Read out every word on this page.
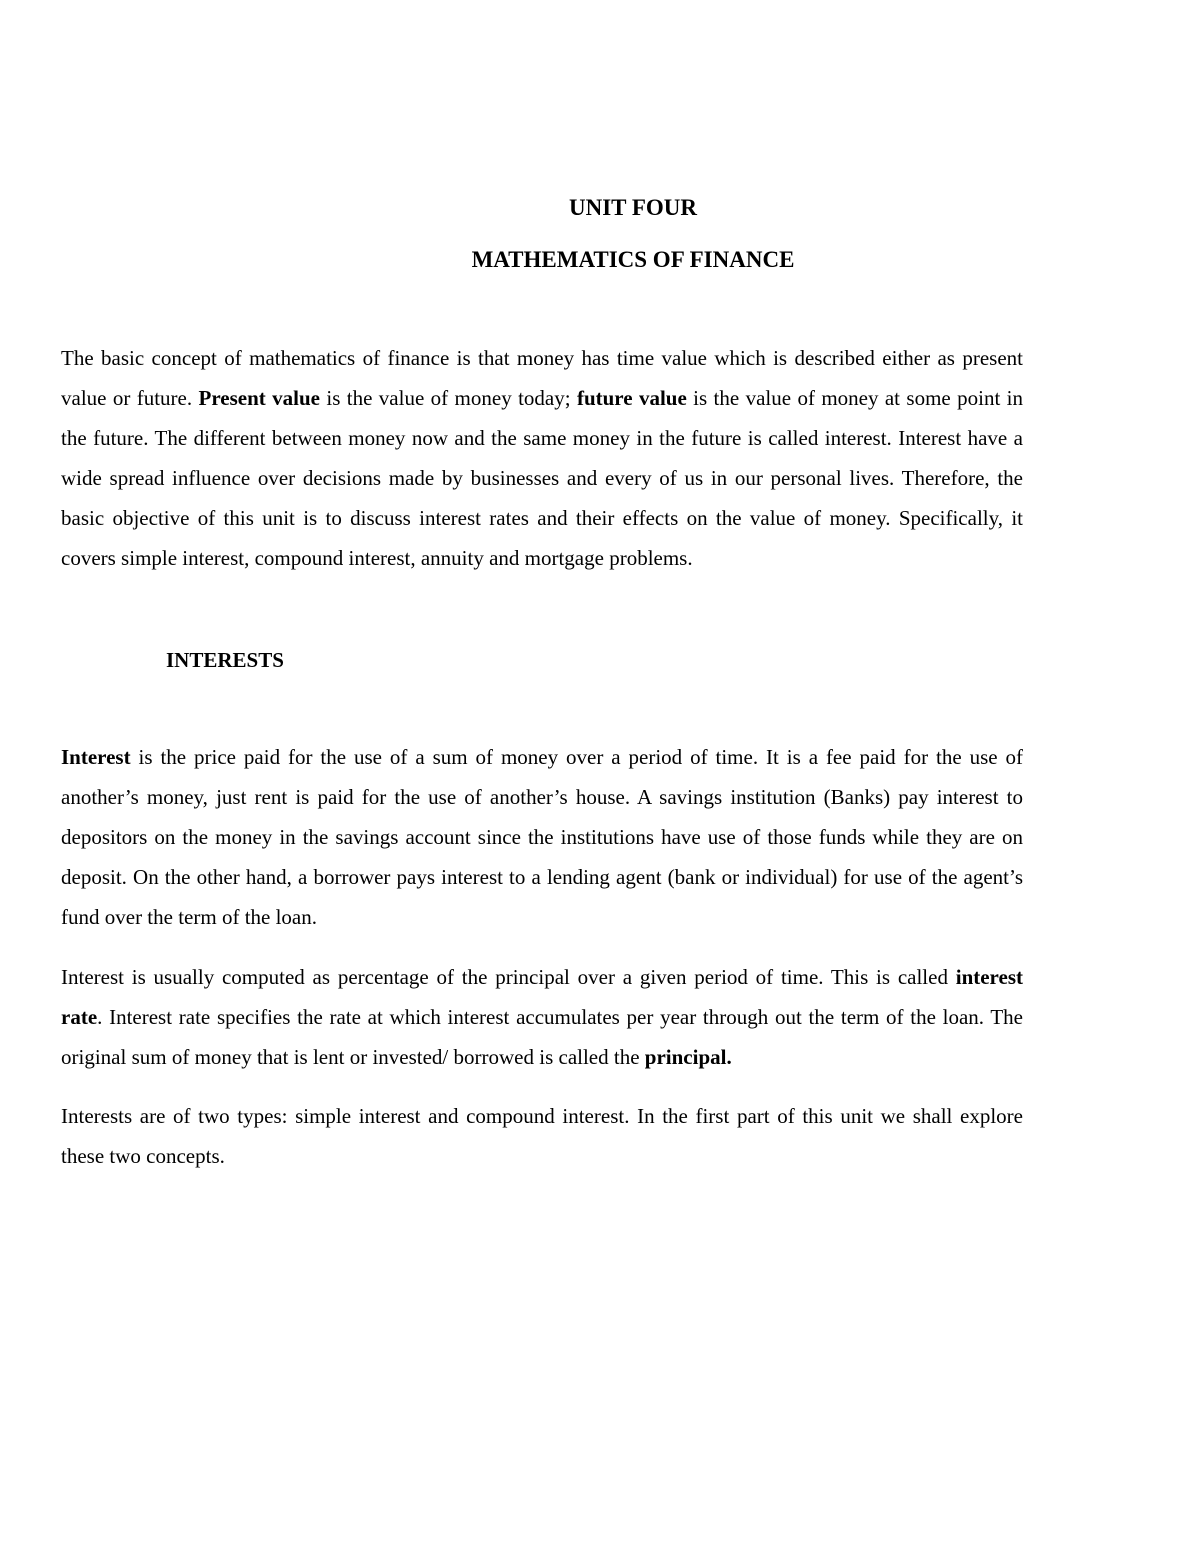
UNIT FOUR
MATHEMATICS OF FINANCE

The basic concept of mathematics of finance is that money has time value which is described either as present value or future. Present value is the value of money today; future value is the value of money at some point in the future. The different between money now and the same money in the future is called interest. Interest have a wide spread influence over decisions made by businesses and every of us in our personal lives. Therefore, the basic objective of this unit is to discuss interest rates and their effects on the value of money. Specifically, it covers simple interest, compound interest, annuity and mortgage problems.

INTERESTS

Interest is the price paid for the use of a sum of money over a period of time. It is a fee paid for the use of another’s money, just rent is paid for the use of another’s house. A savings institution (Banks) pay interest to depositors on the money in the savings account since the institutions have use of those funds while they are on deposit. On the other hand, a borrower pays interest to a lending agent (bank or individual) for use of the agent’s fund over the term of the loan.

Interest is usually computed as percentage of the principal over a given period of time. This is called interest rate. Interest rate specifies the rate at which interest accumulates per year through out the term of the loan. The original sum of money that is lent or invested/ borrowed is called the principal.

Interests are of two types: simple interest and compound interest. In the first part of this unit we shall explore these two concepts.
